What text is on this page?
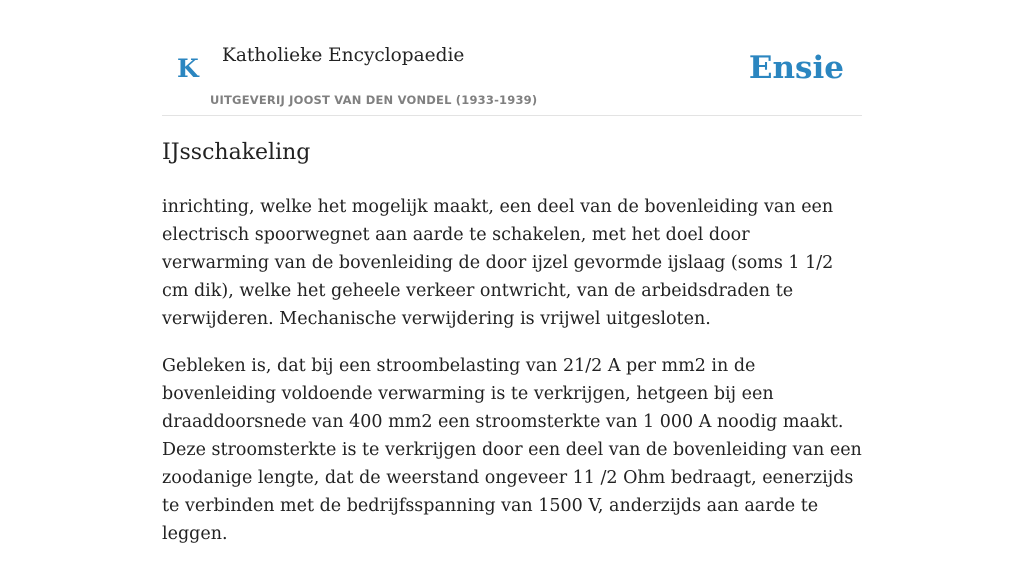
K Katholieke Encyclopaedie
UITGEVERIJ JOOST VAN DEN VONDEL (1933-1939)
Ensie
IJsschakeling

inrichting, welke het mogelijk maakt, een deel van de bovenleiding van een electrisch spoorwegnet aan aarde te schakelen, met het doel door verwarming van de bovenleiding de door ijzel gevormde ijslaag (soms 1 1/2 cm dik), welke het geheele verkeer ontwricht, van de arbeidsdraden te verwijderen. Mechanische verwijdering is vrijwel uitgesloten.

Gebleken is, dat bij een stroombelasting van 21/2 A per mm2 in de bovenleiding voldoende verwarming is te verkrijgen, hetgeen bij een draaddoorsnede van 400 mm2 een stroomsterkte van 1 000 A noodig maakt. Deze stroomsterkte is te verkrijgen door een deel van de bovenleiding van een zoodanige lengte, dat de weerstand ongeveer 11 /2 Ohm bedraagt, eenerzijds te verbinden met de bedrijfsspanning van 1500 V, anderzijds aan aarde te leggen.
